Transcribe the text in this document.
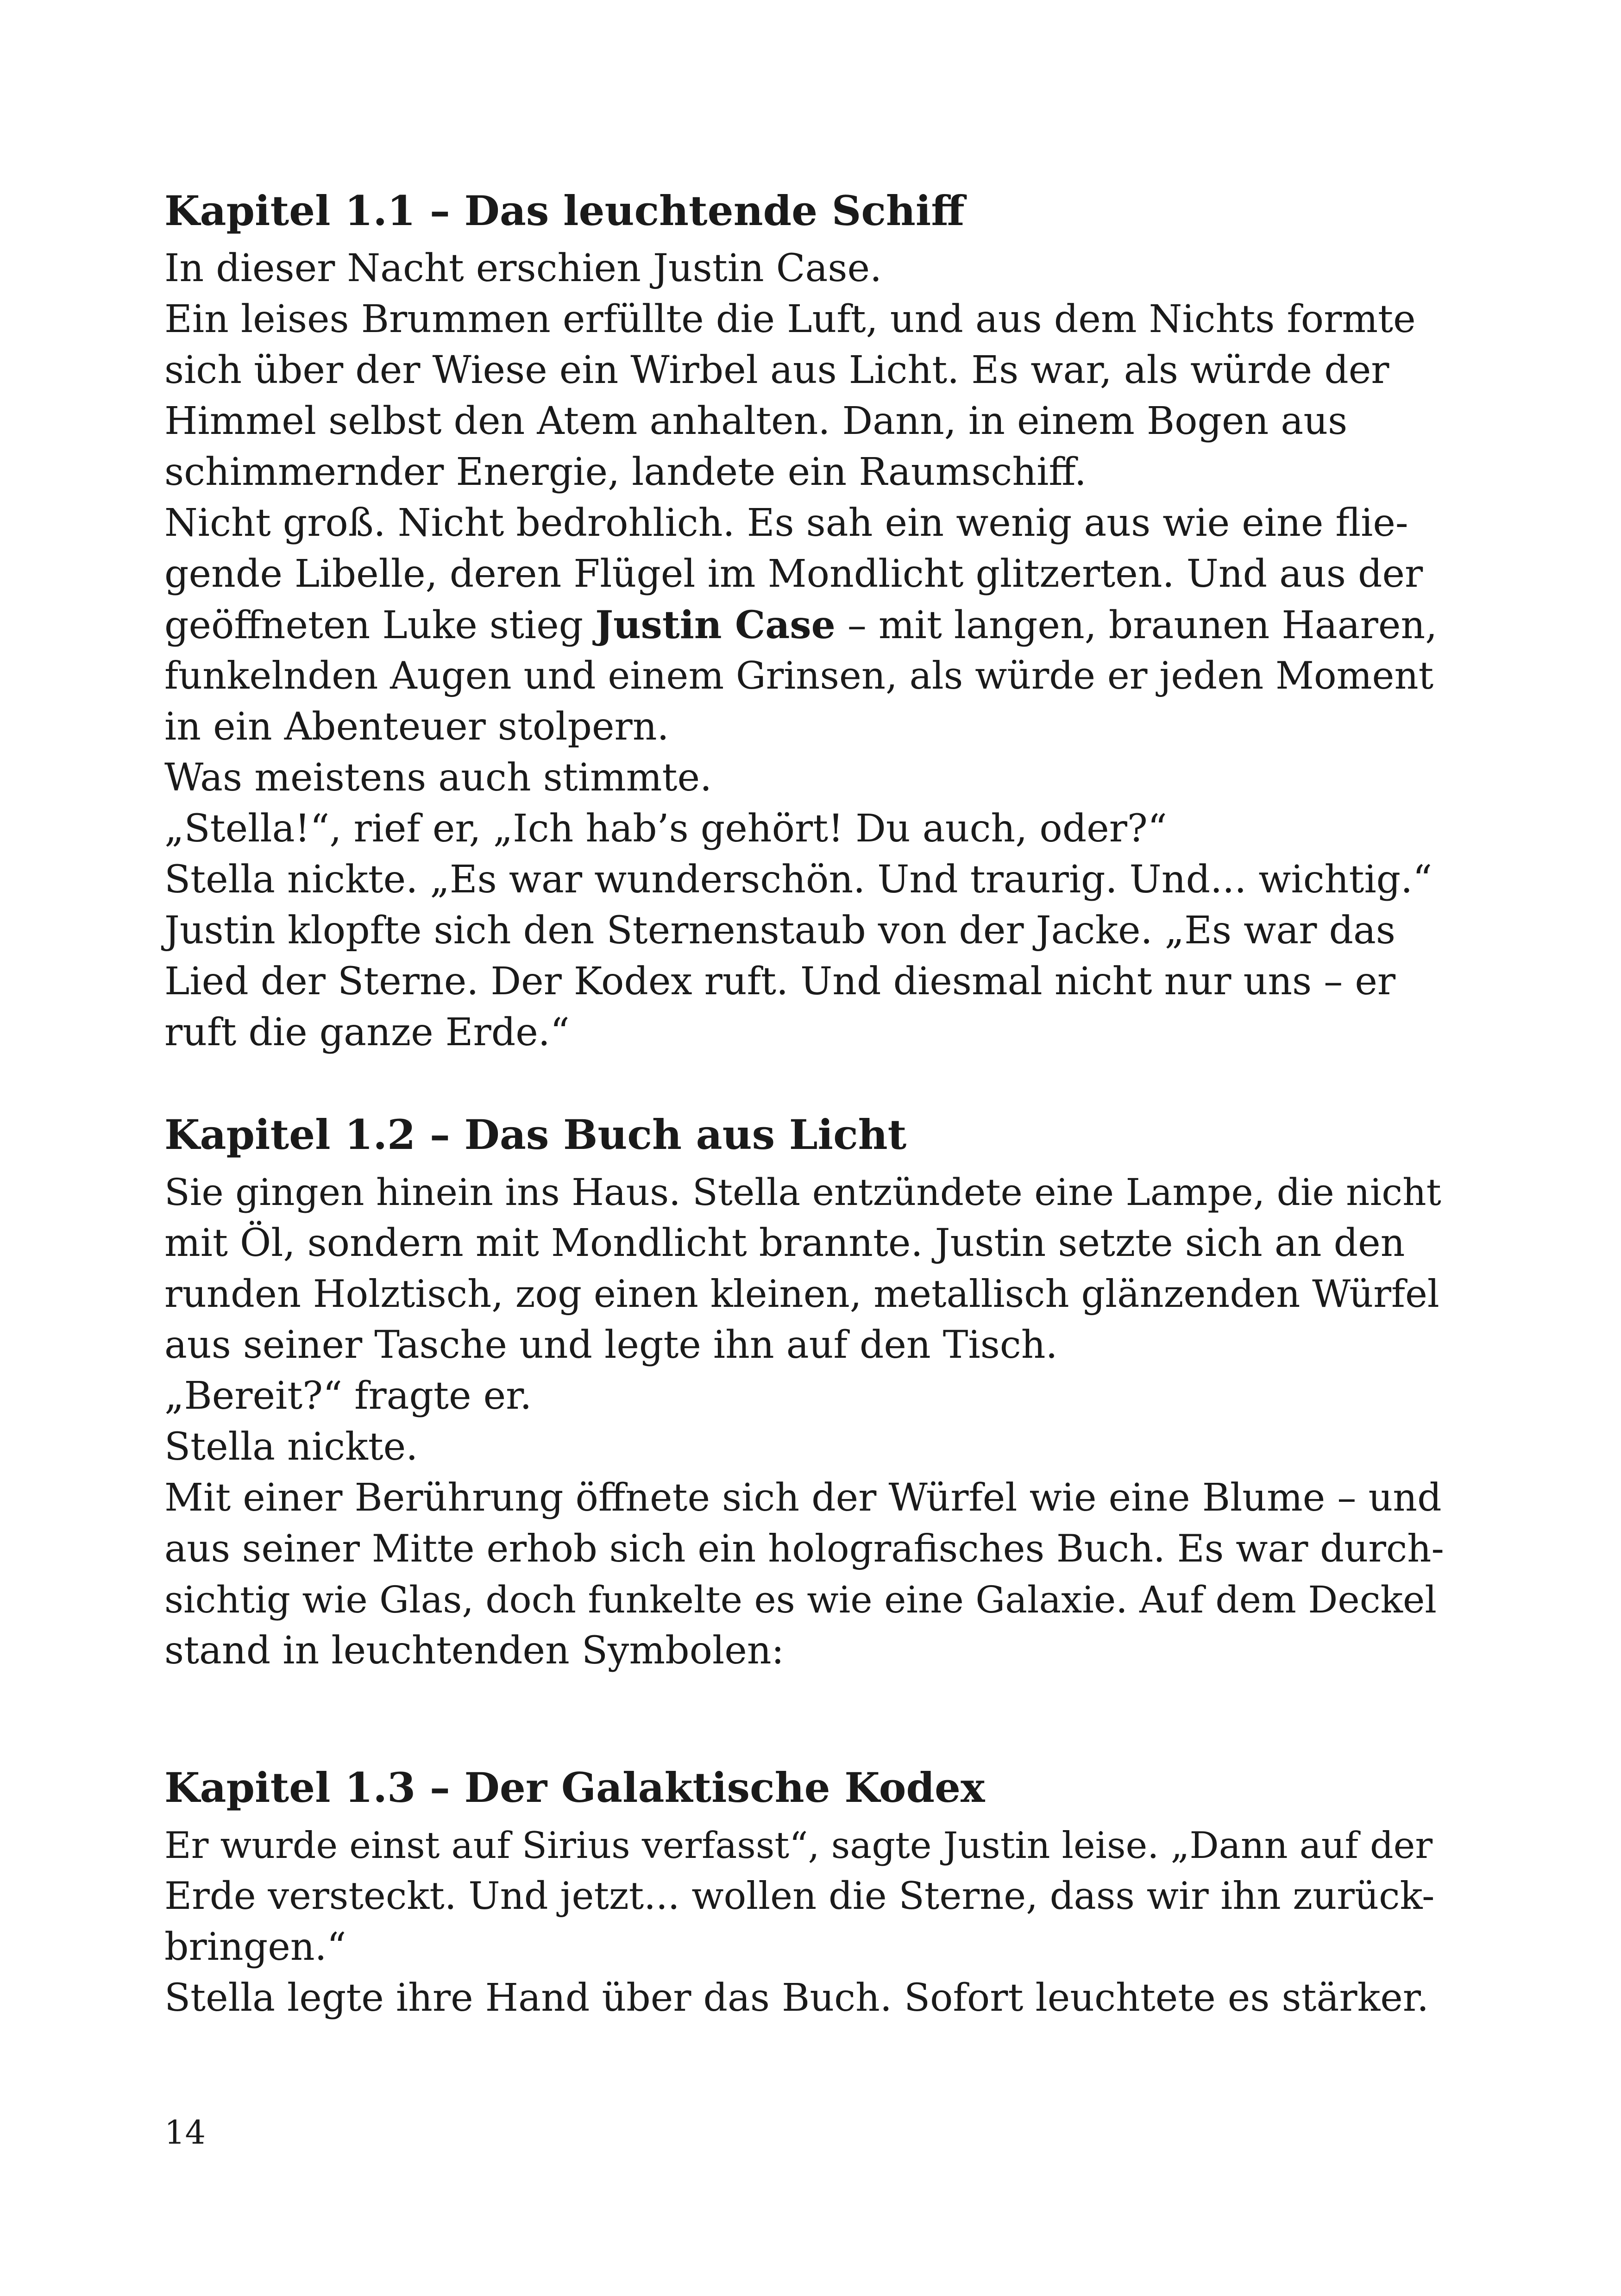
Kapitel 1.1 – Das leuchtende Schiff
In dieser Nacht erschien Justin Case.
Ein leises Brummen erfüllte die Luft, und aus dem Nichts formte
sich über der Wiese ein Wirbel aus Licht. Es war, als würde der
Himmel selbst den Atem anhalten. Dann, in einem Bogen aus
schimmernder Energie, landete ein Raumschiff.
Nicht groß. Nicht bedrohlich. Es sah ein wenig aus wie eine flie-
gende Libelle, deren Flügel im Mondlicht glitzerten. Und aus der
geöffneten Luke stieg Justin Case – mit langen, braunen Haaren,
funkelnden Augen und einem Grinsen, als würde er jeden Moment
in ein Abenteuer stolpern.
Was meistens auch stimmte.
„Stella!“, rief er, „Ich hab’s gehört! Du auch, oder?“
Stella nickte. „Es war wunderschön. Und traurig. Und... wichtig.“
Justin klopfte sich den Sternenstaub von der Jacke. „Es war das
Lied der Sterne. Der Kodex ruft. Und diesmal nicht nur uns – er
ruft die ganze Erde.“
Kapitel 1.2 – Das Buch aus Licht
Sie gingen hinein ins Haus. Stella entzündete eine Lampe, die nicht
mit Öl, sondern mit Mondlicht brannte. Justin setzte sich an den
runden Holztisch, zog einen kleinen, metallisch glänzenden Würfel
aus seiner Tasche und legte ihn auf den Tisch.
„Bereit?“ fragte er.
Stella nickte.
Mit einer Berührung öffnete sich der Würfel wie eine Blume – und
aus seiner Mitte erhob sich ein holografisches Buch. Es war durch-
sichtig wie Glas, doch funkelte es wie eine Galaxie. Auf dem Deckel
stand in leuchtenden Symbolen:
Kapitel 1.3 – Der Galaktische Kodex
Er wurde einst auf Sirius verfasst“, sagte Justin leise. „Dann auf der
Erde versteckt. Und jetzt... wollen die Sterne, dass wir ihn zurück-
bringen.“
Stella legte ihre Hand über das Buch. Sofort leuchtete es stärker.
14
